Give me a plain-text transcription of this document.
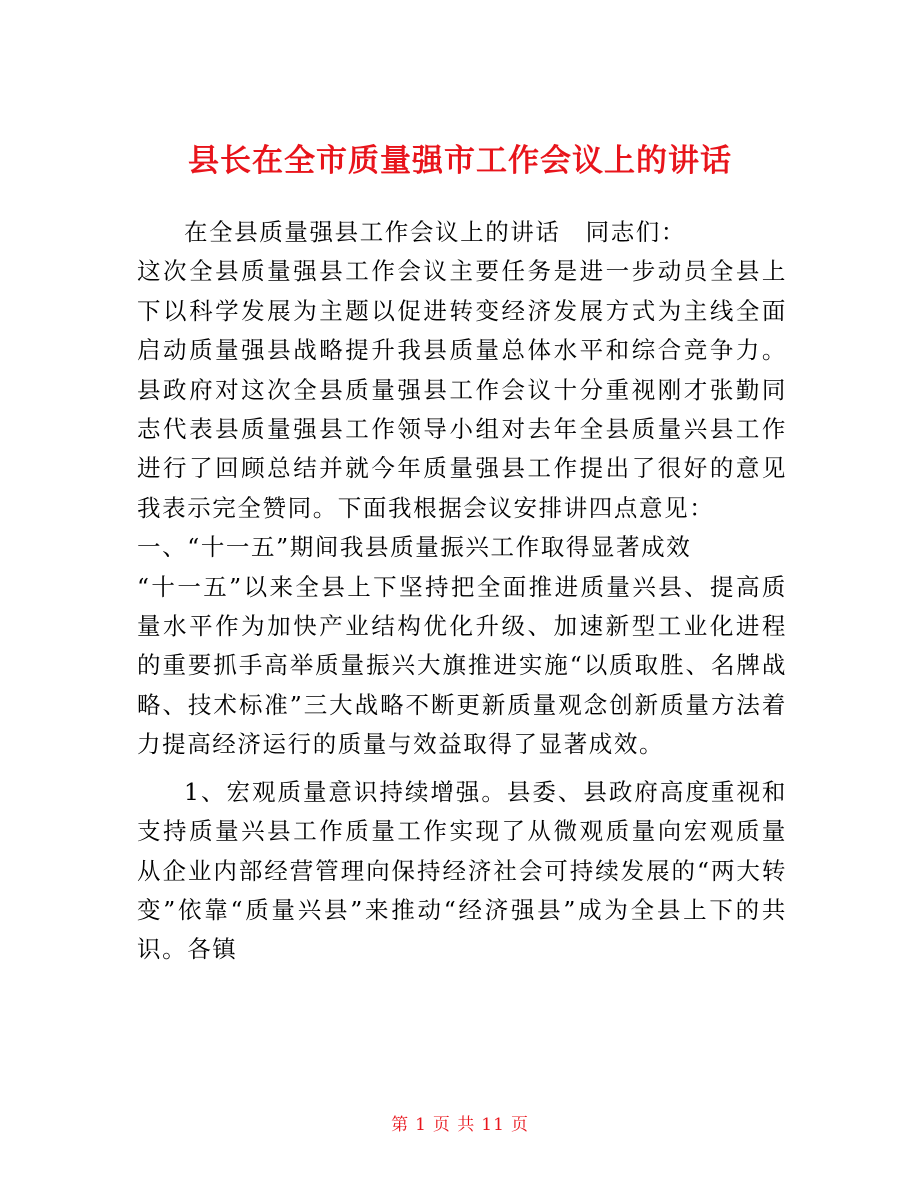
县长在全市质量强市工作会议上的讲话

在全县质量强县工作会议上的讲话　同志们：

这次全县质量强县工作会议主要任务是进一步动员全县上下以科学发展为主题以促进转变经济发展方式为主线全面启动质量强县战略提升我县质量总体水平和综合竞争力。县政府对这次全县质量强县工作会议十分重视刚才张勤同志代表县质量强县工作领导小组对去年全县质量兴县工作进行了回顾总结并就今年质量强县工作提出了很好的意见我表示完全赞同。下面我根据会议安排讲四点意见：

一、“十一五”期间我县质量振兴工作取得显著成效

“十一五”以来全县上下坚持把全面推进质量兴县、提高质量水平作为加快产业结构优化升级、加速新型工业化进程的重要抓手高举质量振兴大旗推进实施“以质取胜、名牌战略、技术标准”三大战略不断更新质量观念创新质量方法着力提高经济运行的质量与效益取得了显著成效。

1、宏观质量意识持续增强。县委、县政府高度重视和支持质量兴县工作质量工作实现了从微观质量向宏观质量从企业内部经营管理向保持经济社会可持续发展的“两大转变”依靠“质量兴县”来推动“经济强县”成为全县上下的共识。各镇

第 1 页 共 11 页
